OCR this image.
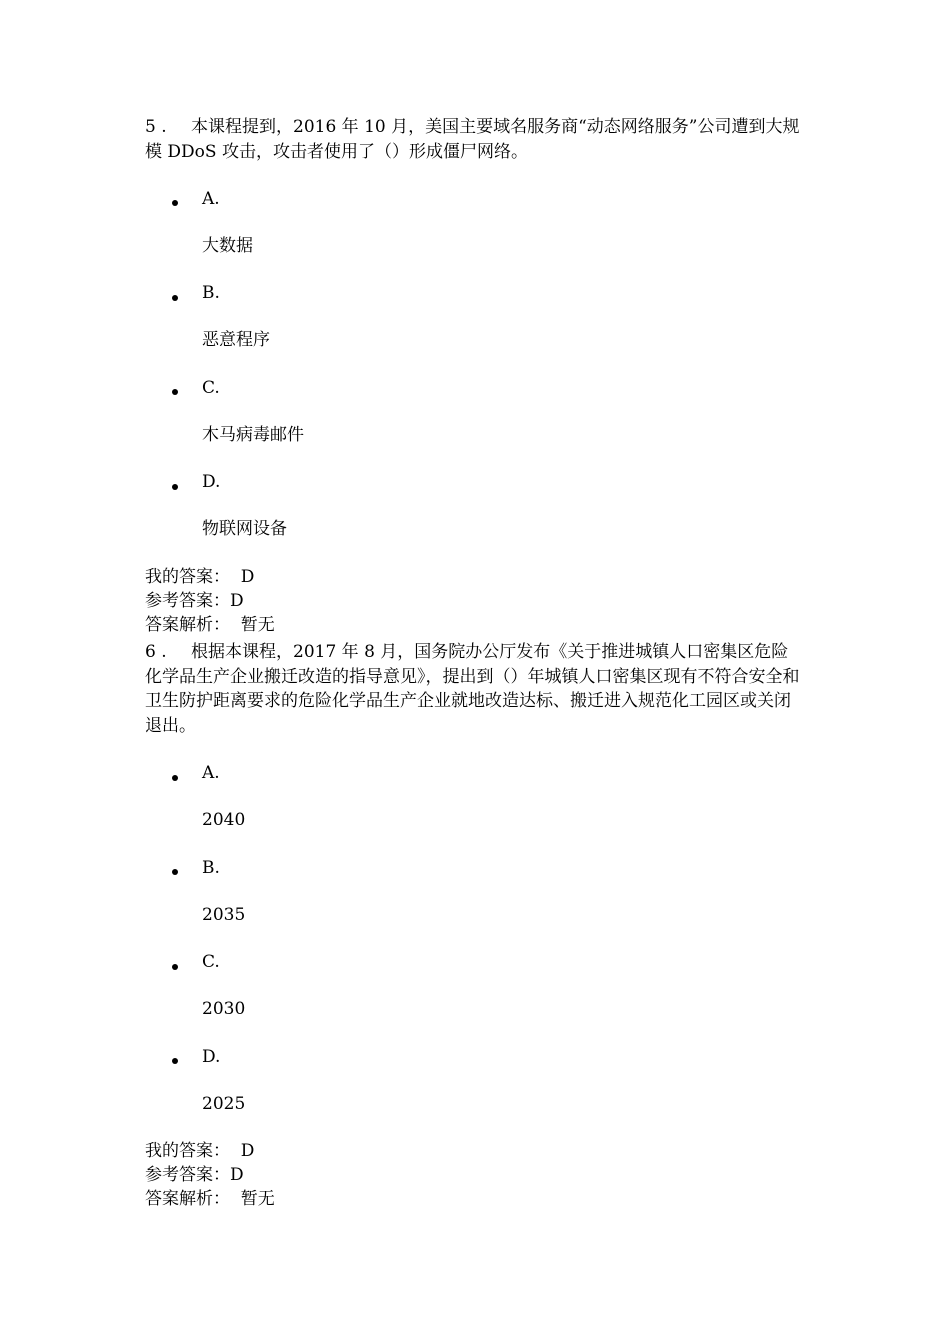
5 . 本课程提到，2016 年 10 月，美国主要域名服务商“动态网络服务”公司遭到大规模 DDoS 攻击，攻击者使用了（）形成僵尸网络。
A.
大数据
B.
恶意程序
C.
木马病毒邮件
D.
物联网设备
我的答案：  D
参考答案：D
答案解析：  暂无
6 . 根据本课程，2017 年 8 月，国务院办公厅发布《关于推进城镇人口密集区危险化学品生产企业搬迁改造的指导意见》，提出到（）年城镇人口密集区现有不符合安全和卫生防护距离要求的危险化学品生产企业就地改造达标、搬迁进入规范化工园区或关闭退出。
A.
2040
B.
2035
C.
2030
D.
2025
我的答案：  D
参考答案：D
答案解析：  暂无
